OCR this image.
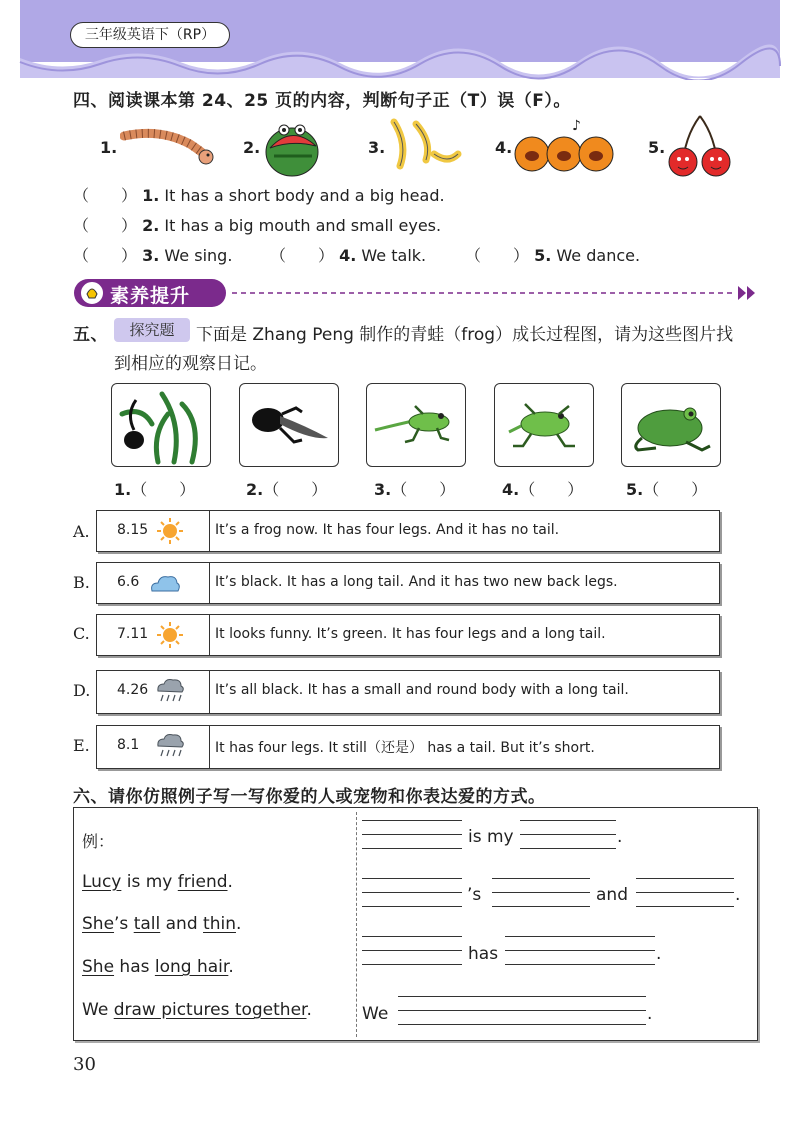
三年级英语下（RP）
四、阅读课本第 24、25 页的内容，判断句子正（T）误（F）。
1.	2.	3.	4.
♪
5.
（　　） 1. It has a short body and a big head.
（　　） 2. It has a big mouth and small eyes.
（　　） 3. We sing. （　　） 4. We talk. （　　） 5. We dance.
素养提升
五、	探究题	下面是 Zhang Peng 制作的青蛙（frog）成长过程图，请为这些图片找
到相应的观察日记。
1.（　　）	2.（　　）	3.（　　）	4.（　　）	5.（　　）
A. 8.15	It’s a frog now. It has four legs. And it has no tail.
B. 6.6	It’s black. It has a long tail. And it has two new back legs.
C. 7.11	It looks funny. It’s green. It has four legs and a long tail.
D. 4.26	It’s all black. It has a small and round body with a long tail.
E. 8.1	It has four legs. It still（还是） has a tail. But it’s short.
六、请你仿照例子写一写你爱的人或宠物和你表达爱的方式。
例：
Lucy is my friend.
She’s tall and thin.
She has long hair.
We draw pictures together.
is my	.
’s	and	.
has	.
We	.
30
